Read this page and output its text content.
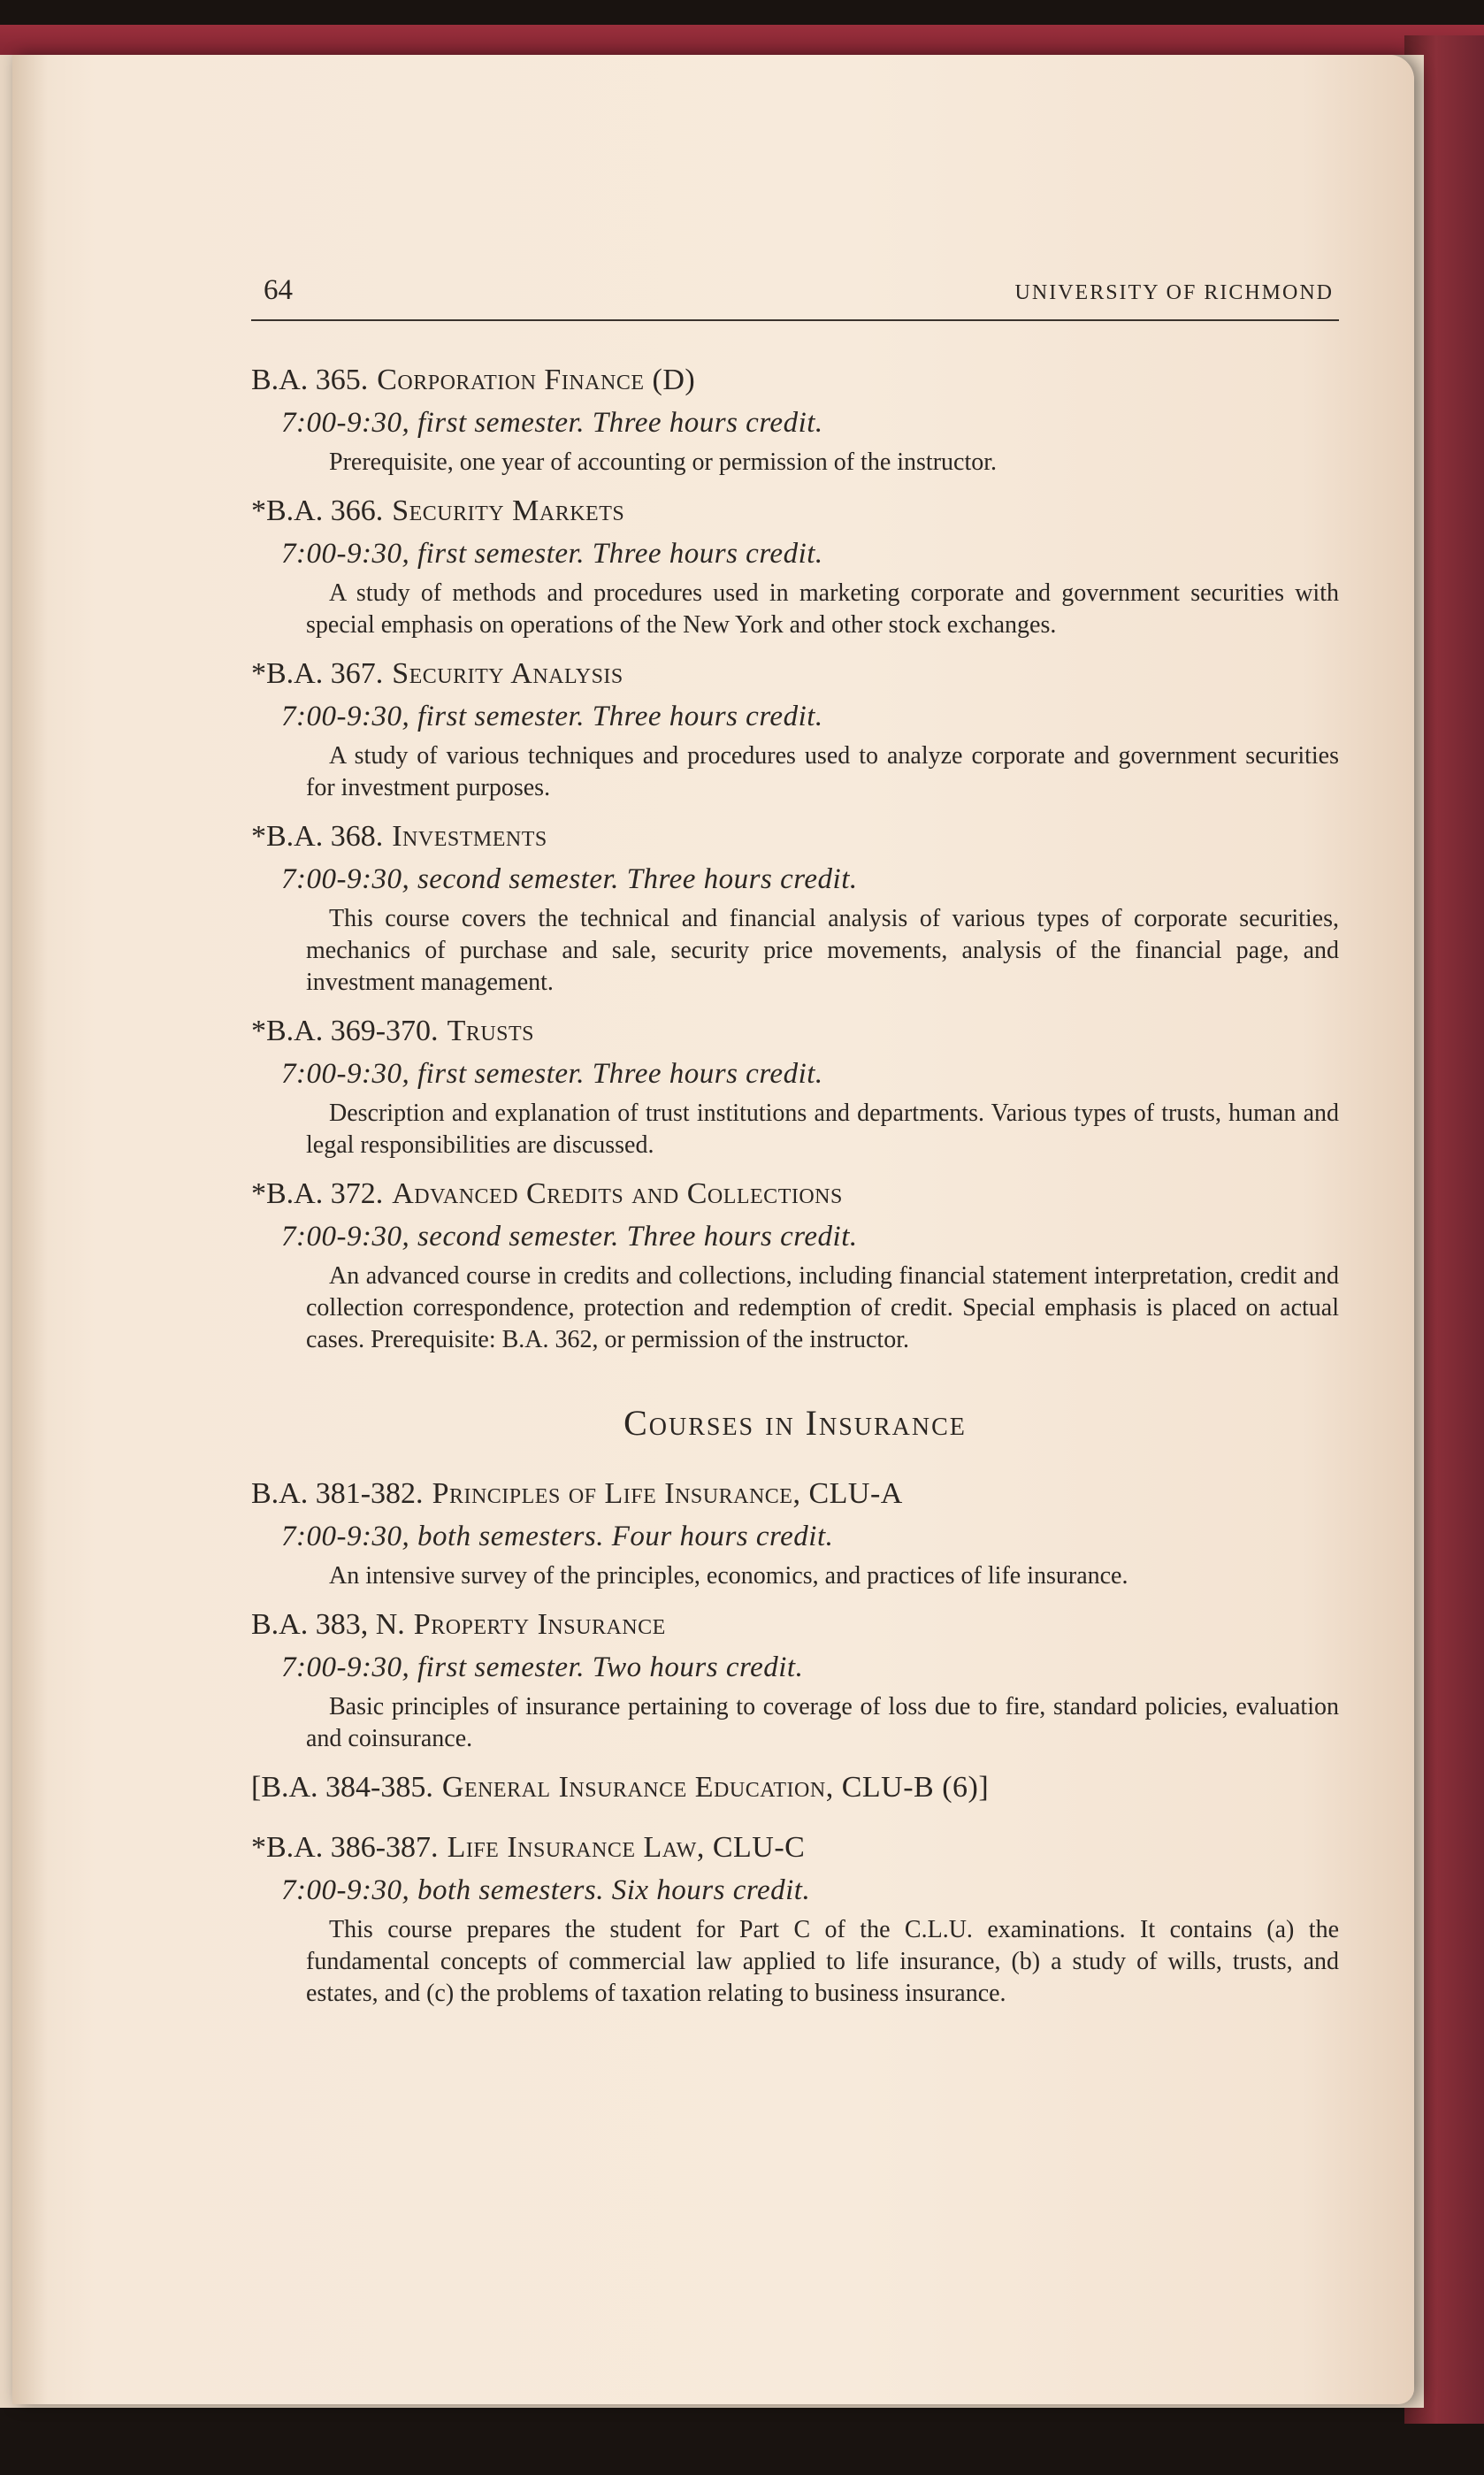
64	UNIVERSITY OF RICHMOND
B.A. 365. Corporation Finance (D)
7:00-9:30, first semester. Three hours credit.

Prerequisite, one year of accounting or permission of the instructor.

*B.A. 366. Security Markets
7:00-9:30, first semester. Three hours credit.

A study of methods and procedures used in marketing corporate and government securities with special emphasis on operations of the New York and other stock exchanges.

*B.A. 367. Security Analysis
7:00-9:30, first semester. Three hours credit.

A study of various techniques and procedures used to analyze corporate and government securities for investment purposes.

*B.A. 368. Investments
7:00-9:30, second semester. Three hours credit.

This course covers the technical and financial analysis of various types of corporate securities, mechanics of purchase and sale, security price movements, analysis of the financial page, and investment management.

*B.A. 369-370. Trusts
7:00-9:30, first semester. Three hours credit.

Description and explanation of trust institutions and departments. Various types of trusts, human and legal responsibilities are discussed.

*B.A. 372. Advanced Credits and Collections
7:00-9:30, second semester. Three hours credit.

An advanced course in credits and collections, including financial statement interpretation, credit and collection correspondence, protection and redemption of credit. Special emphasis is placed on actual cases. Prerequisite: B.A. 362, or permission of the instructor.

Courses in Insurance
B.A. 381-382. Principles of Life Insurance, CLU-A
7:00-9:30, both semesters. Four hours credit.

An intensive survey of the principles, economics, and practices of life insurance.

B.A. 383, N. Property Insurance
7:00-9:30, first semester. Two hours credit.

Basic principles of insurance pertaining to coverage of loss due to fire, standard policies, evaluation and coinsurance.

[B.A. 384-385. General Insurance Education, CLU-B (6)]
*B.A. 386-387. Life Insurance Law, CLU-C
7:00-9:30, both semesters. Six hours credit.

This course prepares the student for Part C of the C.L.U. examinations. It contains (a) the fundamental concepts of commercial law applied to life insurance, (b) a study of wills, trusts, and estates, and (c) the problems of taxation relating to business insurance.
